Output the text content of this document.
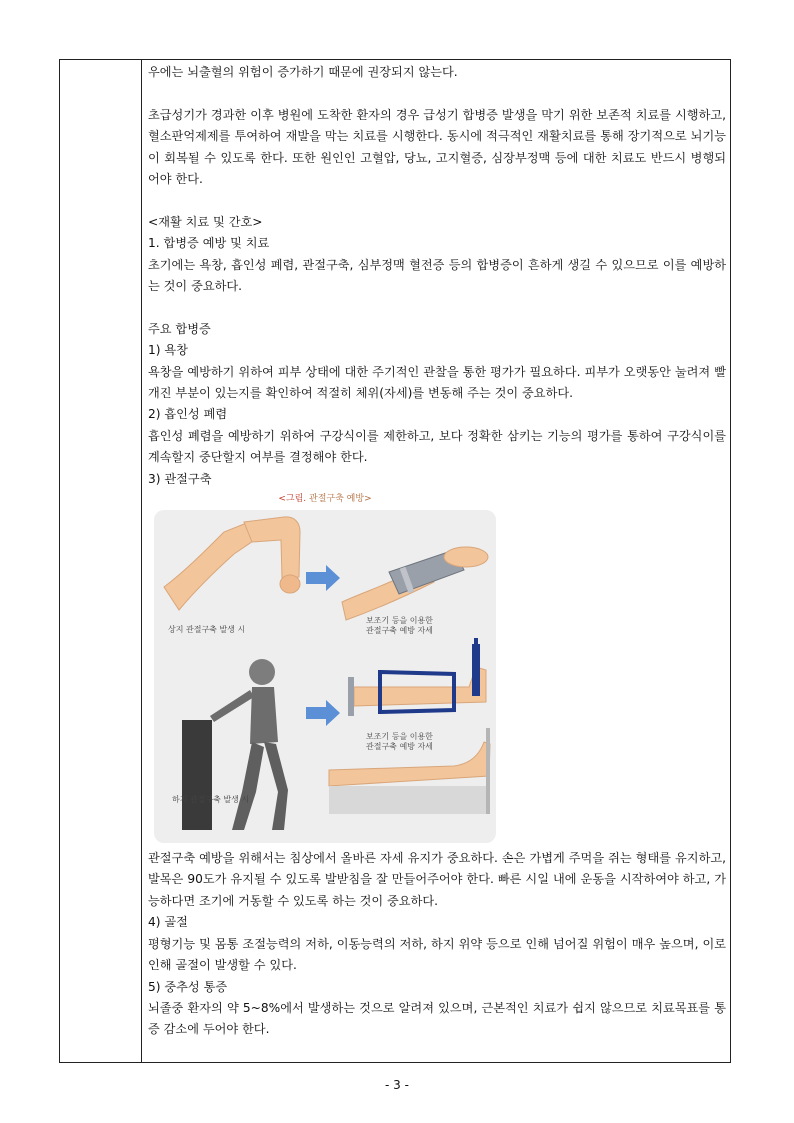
우에는 뇌출혈의 위험이 증가하기 때문에 권장되지 않는다.

초급성기가 경과한 이후 병원에 도착한 환자의 경우 급성기 합병증 발생을 막기 위한 보존적 치료를 시행하고, 혈소판억제제를 투여하여 재발을 막는 치료를 시행한다. 동시에 적극적인 재활치료를 통해 장기적으로 뇌기능이 회복될 수 있도록 한다. 또한 원인인 고혈압, 당뇨, 고지혈증, 심장부정맥 등에 대한 치료도 반드시 병행되어야 한다.

<재활 치료 및 간호>

1. 합병증 예방 및 치료

초기에는 욕창, 흡인성 폐렴, 관절구축, 심부정맥 혈전증 등의 합병증이 흔하게 생길 수 있으므로 이를 예방하는 것이 중요하다.

주요 합병증

1) 욕창

욕창을 예방하기 위하여 피부 상태에 대한 주기적인 관찰을 통한 평가가 필요하다. 피부가 오랫동안 눌려져 빨개진 부분이 있는지를 확인하여 적절히 체위(자세)를 변동해 주는 것이 중요하다.

2) 흡인성 폐렴

흡인성 폐렴을 예방하기 위하여 구강식이를 제한하고, 보다 정확한 삼키는 기능의 평가를 통하여 구강식이를 계속할지 중단할지 여부를 결정해야 한다.

3) 관절구축

<그림. 관절구축 예방>
상지 관절구축 발생 시
보조기 등을 이용한
관절구축 예방 자세
보조기 등을 이용한
관절구축 예방 자세
하지 관절구축 발생 시

관절구축 예방을 위해서는 침상에서 올바른 자세 유지가 중요하다. 손은 가볍게 주먹을 쥐는 형태를 유지하고, 발목은 90도가 유지될 수 있도록 발받침을 잘 만들어주어야 한다. 빠른 시일 내에 운동을 시작하여야 하고, 가능하다면 조기에 거동할 수 있도록 하는 것이 중요하다.

4) 골절

평형기능 및 몸통 조절능력의 저하, 이동능력의 저하, 하지 위약 등으로 인해 넘어질 위험이 매우 높으며, 이로 인해 골절이 발생할 수 있다.

5) 중추성 통증

뇌졸중 환자의 약 5~8%에서 발생하는 것으로 알려져 있으며, 근본적인 치료가 쉽지 않으므로 치료목표를 통증 감소에 두어야 한다.

- 3 -
